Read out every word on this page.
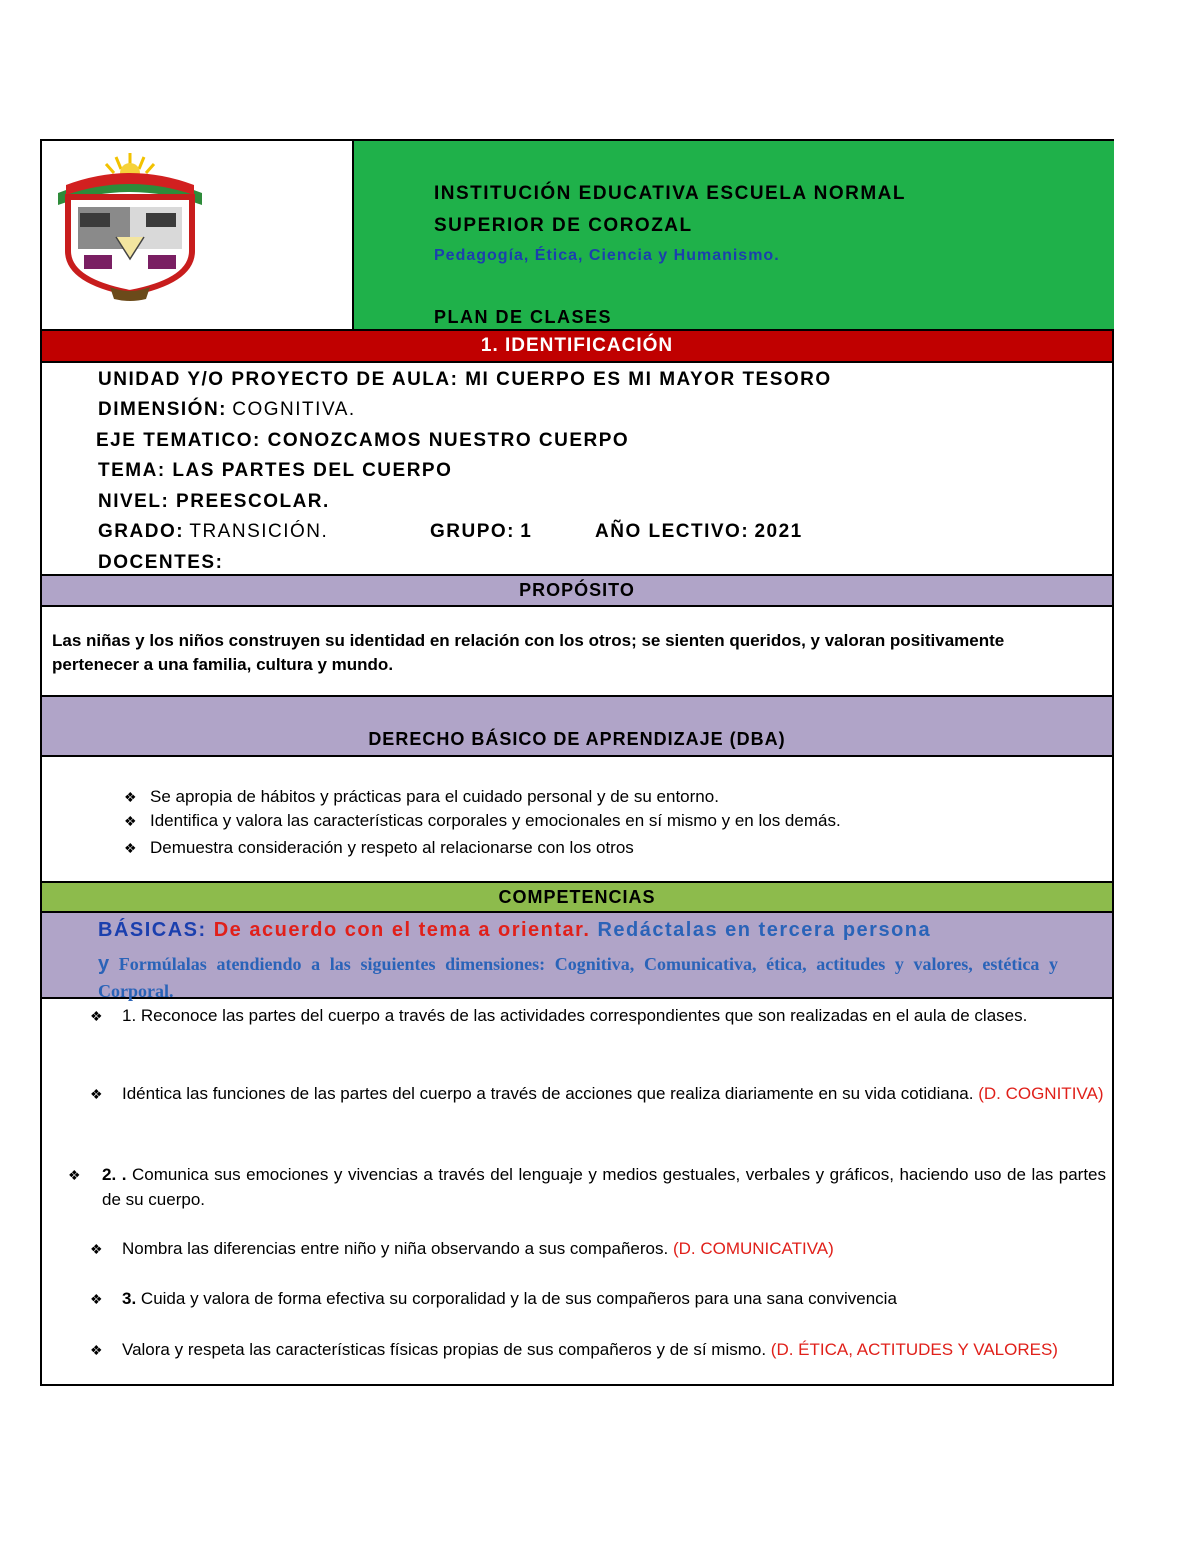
INSTITUCIÓN EDUCATIVA ESCUELA NORMAL
SUPERIOR DE COROZAL
Pedagogía, Ética, Ciencia y Humanismo.
PLAN DE CLASES
1. IDENTIFICACIÓN
UNIDAD Y/O PROYECTO DE AULA: MI CUERPO ES MI MAYOR TESORO
DIMENSIÓN: COGNITIVA.
EJE TEMATICO: CONOZCAMOS NUESTRO CUERPO
TEMA: LAS PARTES DEL CUERPO
NIVEL: PREESCOLAR.
GRADO: TRANSICIÓN.	GRUPO: 1	AÑO LECTIVO: 2021
DOCENTES:
PROPÓSITO
Las niñas y los niños construyen su identidad en relación con los otros; se sienten queridos, y valoran positivamente pertenecer a una familia, cultura y mundo.
DERECHO BÁSICO DE APRENDIZAJE (DBA)
❖ Se apropia de hábitos y prácticas para el cuidado personal y de su entorno.
❖ Identifica y valora las características corporales y emocionales en sí mismo y en los demás.
❖ Demuestra consideración y respeto al relacionarse con los otros
COMPETENCIAS
BÁSICAS: De acuerdo con el tema a orientar. Redáctalas en tercera persona
y Formúlalas atendiendo a las siguientes dimensiones: Cognitiva, Comunicativa, ética, actitudes y valores, estética y Corporal.
❖	1. Reconoce las partes del cuerpo a través de las actividades correspondientes que son realizadas en el aula de clases.
❖	Idéntica las funciones de las partes del cuerpo a través de acciones que realiza diariamente en su vida cotidiana. (D. COGNITIVA)
❖	2. . Comunica sus emociones y vivencias a través del lenguaje y medios gestuales, verbales y gráficos, haciendo uso de las partes de su cuerpo.
❖	Nombra las diferencias entre niño y niña observando a sus compañeros. (D. COMUNICATIVA)
❖	3. Cuida y valora de forma efectiva su corporalidad y la de sus compañeros para una sana convivencia
❖	Valora y respeta las características físicas propias de sus compañeros y de sí mismo. (D. ÉTICA, ACTITUDES Y VALORES)
